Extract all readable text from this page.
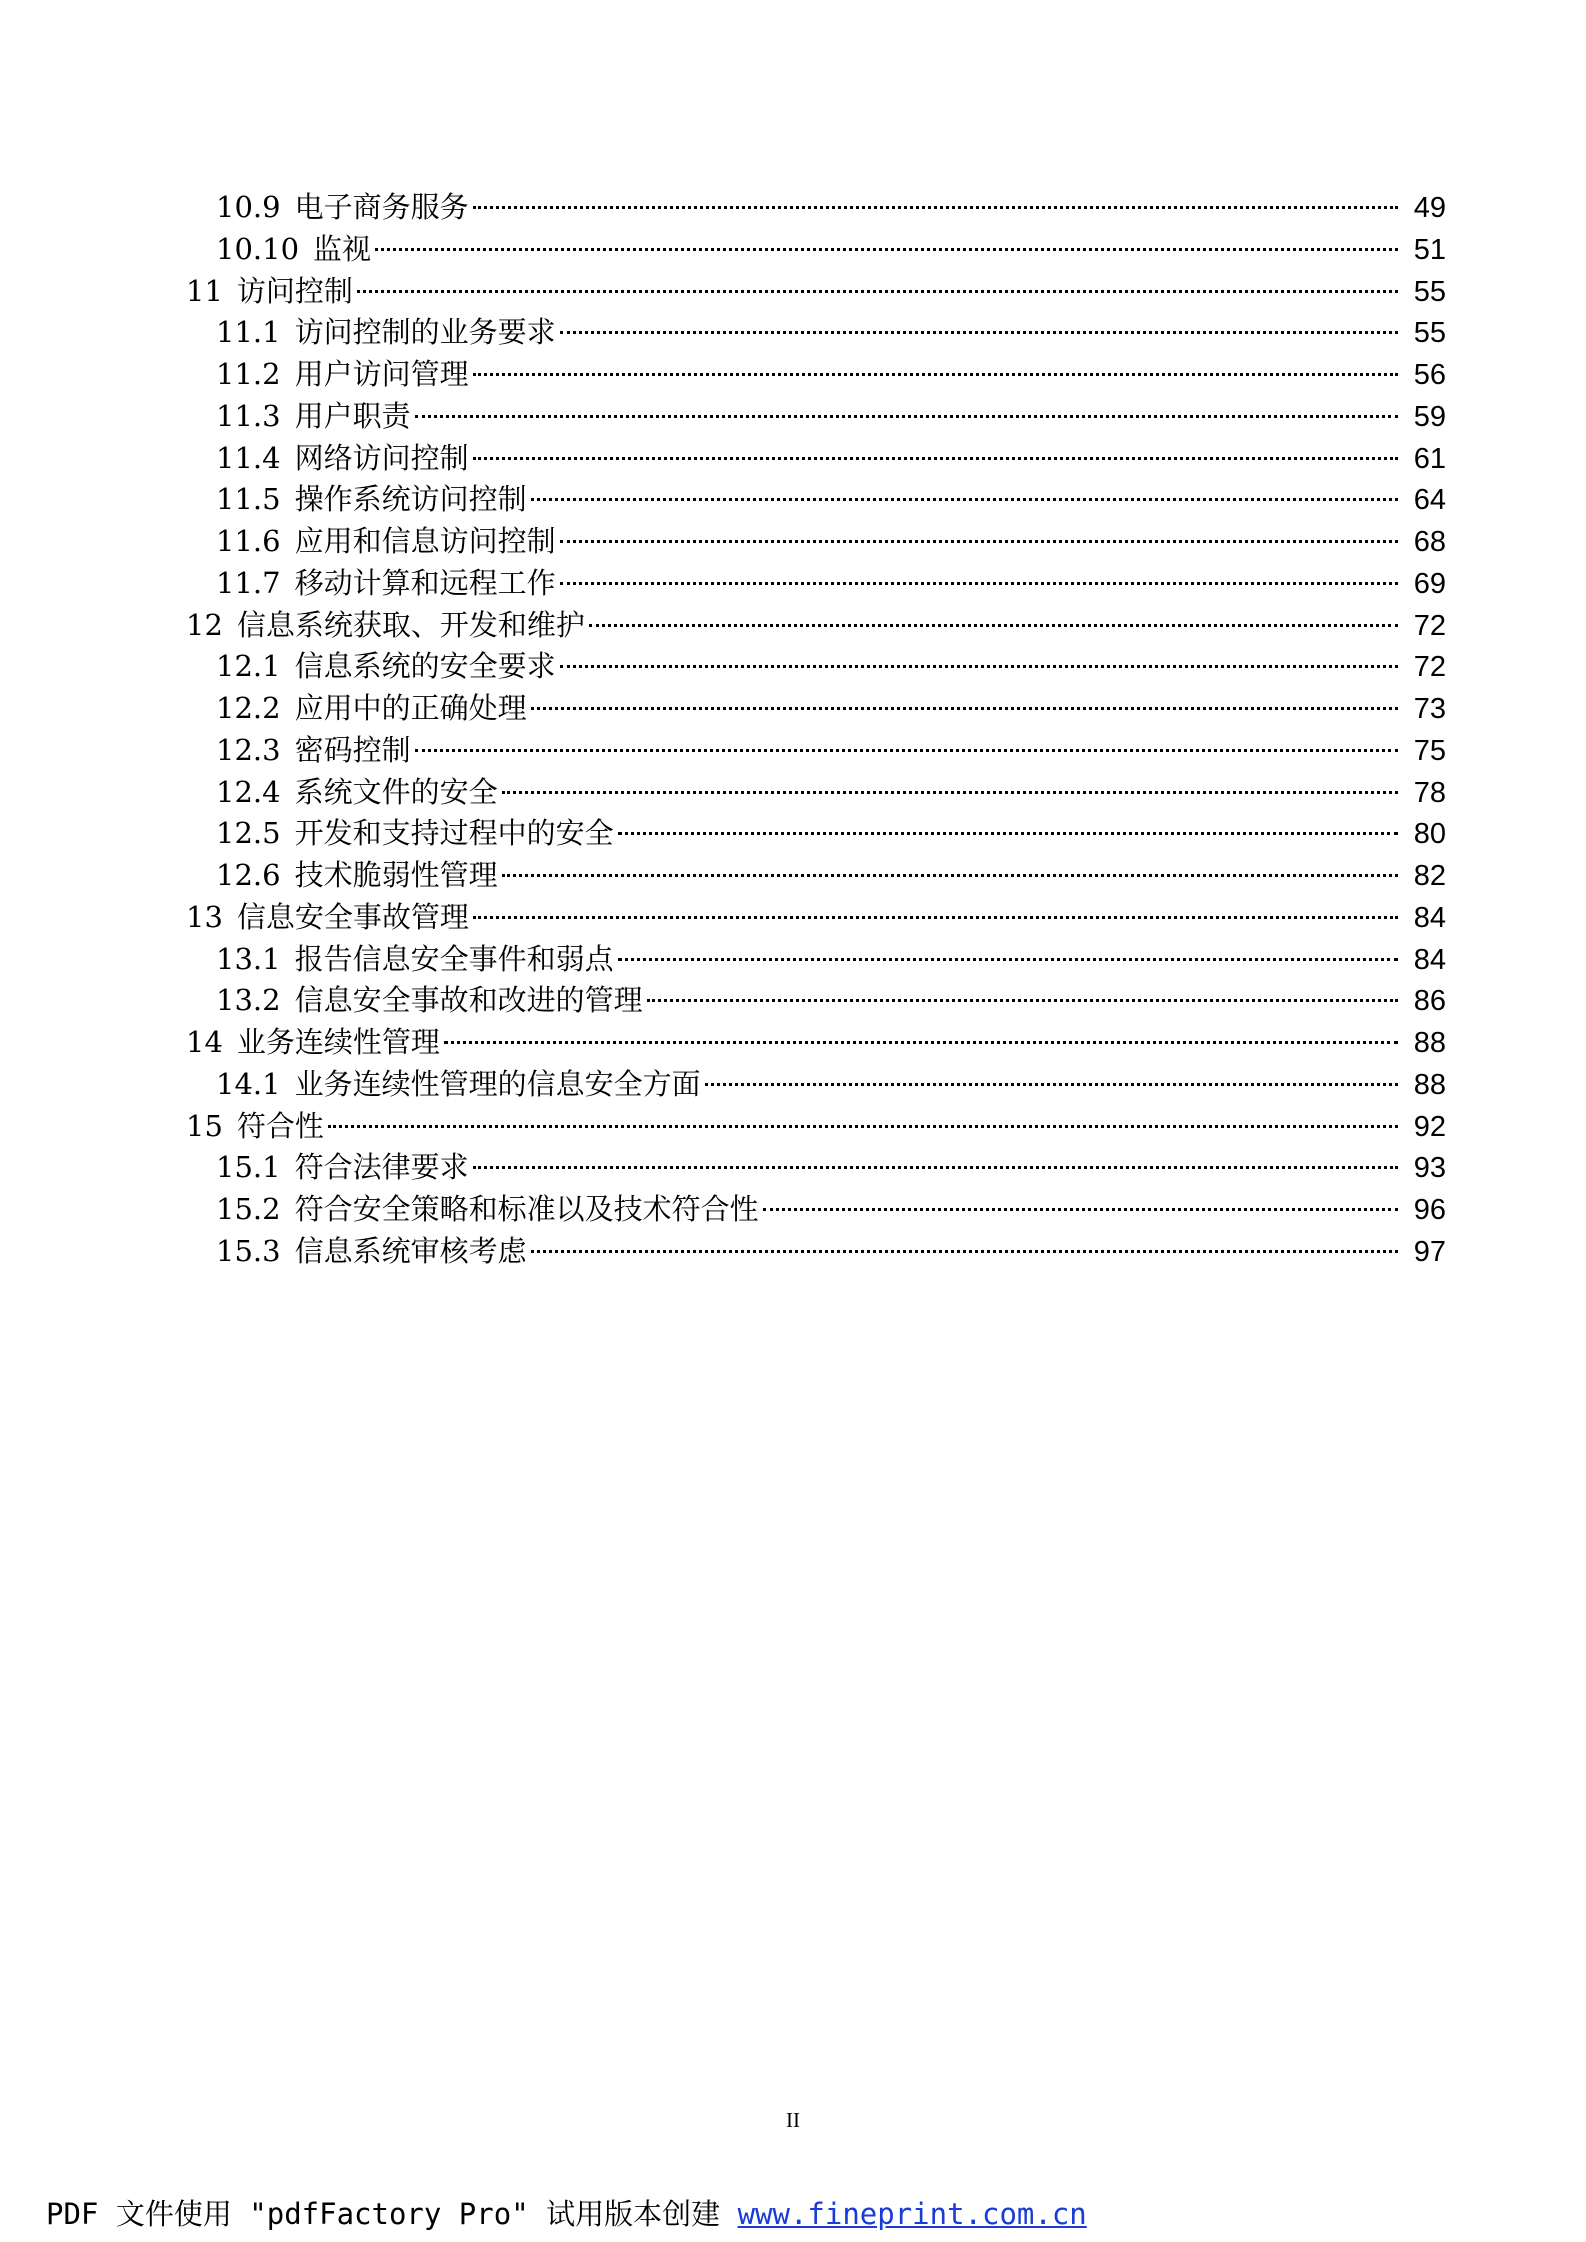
10.9 电子商务服务	49
10.10 监视	51
11 访问控制	55
11.1 访问控制的业务要求	55
11.2 用户访问管理	56
11.3 用户职责	59
11.4 网络访问控制	61
11.5 操作系统访问控制	64
11.6 应用和信息访问控制	68
11.7 移动计算和远程工作	69
12 信息系统获取、开发和维护	72
12.1 信息系统的安全要求	72
12.2 应用中的正确处理	73
12.3 密码控制	75
12.4 系统文件的安全	78
12.5 开发和支持过程中的安全	80
12.6 技术脆弱性管理	82
13 信息安全事故管理	84
13.1 报告信息安全事件和弱点	84
13.2 信息安全事故和改进的管理	86
14 业务连续性管理	88
14.1 业务连续性管理的信息安全方面	88
15 符合性	92
15.1 符合法律要求	93
15.2 符合安全策略和标准以及技术符合性	96
15.3 信息系统审核考虑	97
II
PDF 文件使用 "pdfFactory Pro" 试用版本创建 www.fineprint.com.cn
